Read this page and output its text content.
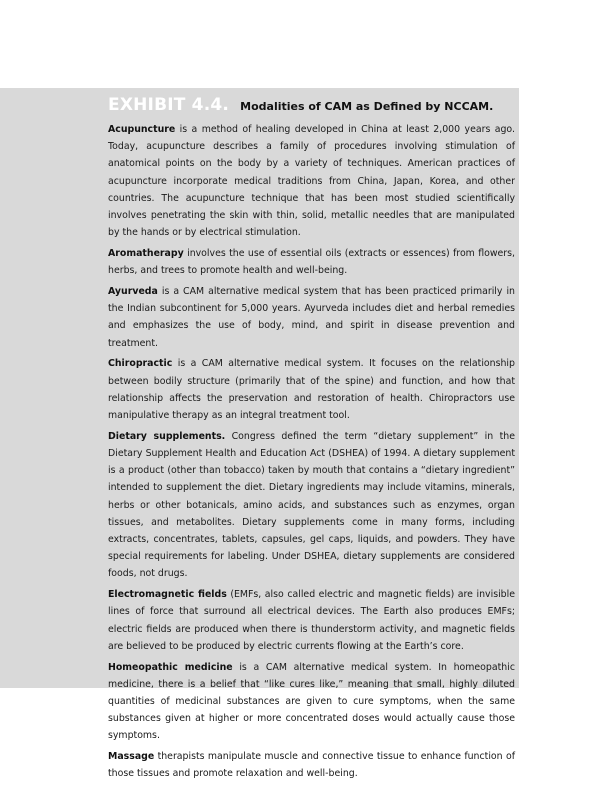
EXHIBIT 4.4. Modalities of CAM as Defined by NCCAM.

Acupuncture is a method of healing developed in China at least 2,000 years ago. Today, acupuncture describes a family of procedures involving stimulation of anatomical points on the body by a variety of techniques. American practices of acupuncture incorporate medical traditions from China, Japan, Korea, and other countries. The acupuncture technique that has been most studied scientifically involves penetrating the skin with thin, solid, metallic needles that are manipulated by the hands or by electrical stimulation.

Aromatherapy involves the use of essential oils (extracts or essences) from flowers, herbs, and trees to promote health and well-being.

Ayurveda is a CAM alternative medical system that has been practiced primarily in the Indian subcontinent for 5,000 years. Ayurveda includes diet and herbal remedies and emphasizes the use of body, mind, and spirit in disease prevention and treatment.

Chiropractic is a CAM alternative medical system. It focuses on the relationship between bodily structure (primarily that of the spine) and function, and how that relationship affects the preservation and restoration of health. Chiropractors use manipulative therapy as an integral treatment tool.

Dietary supplements. Congress defined the term “dietary supplement” in the Dietary Supplement Health and Education Act (DSHEA) of 1994. A dietary supplement is a product (other than tobacco) taken by mouth that contains a “dietary ingredient” intended to supplement the diet. Dietary ingredients may include vitamins, minerals, herbs or other botanicals, amino acids, and substances such as enzymes, organ tissues, and metabolites. Dietary supplements come in many forms, including extracts, concentrates, tablets, capsules, gel caps, liquids, and powders. They have special requirements for labeling. Under DSHEA, dietary supplements are considered foods, not drugs.

Electromagnetic fields (EMFs, also called electric and magnetic fields) are invisible lines of force that surround all electrical devices. The Earth also produces EMFs; electric fields are produced when there is thunderstorm activity, and magnetic fields are believed to be produced by electric currents flowing at the Earth’s core.

Homeopathic medicine is a CAM alternative medical system. In homeopathic medicine, there is a belief that “like cures like,” meaning that small, highly diluted quantities of medicinal substances are given to cure symptoms, when the same substances given at higher or more concentrated doses would actually cause those symptoms.

Massage therapists manipulate muscle and connective tissue to enhance function of those tissues and promote relaxation and well-being.
